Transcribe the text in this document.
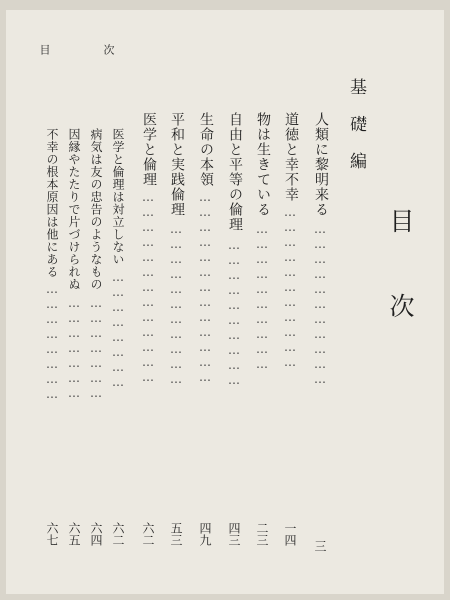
次
目
目次
基礎編
人類に黎明来る
……………………………
三
道徳と幸不幸
……………………………
一四
物は生きている
…………………………
二三
自由と平等の倫理
…………………………
四三
生命の本領
…………………………………
四九
平和と実践倫理
……………………………
五三
医学と倫理
…………………………………
六二
医学と倫理は対立しない
……………………
六二
病気は友の忠告のようなもの
…………………
六四
因縁やたたりで片づけられぬ
…………………
六五
不幸の根本原因は他にある
……………………
六七
